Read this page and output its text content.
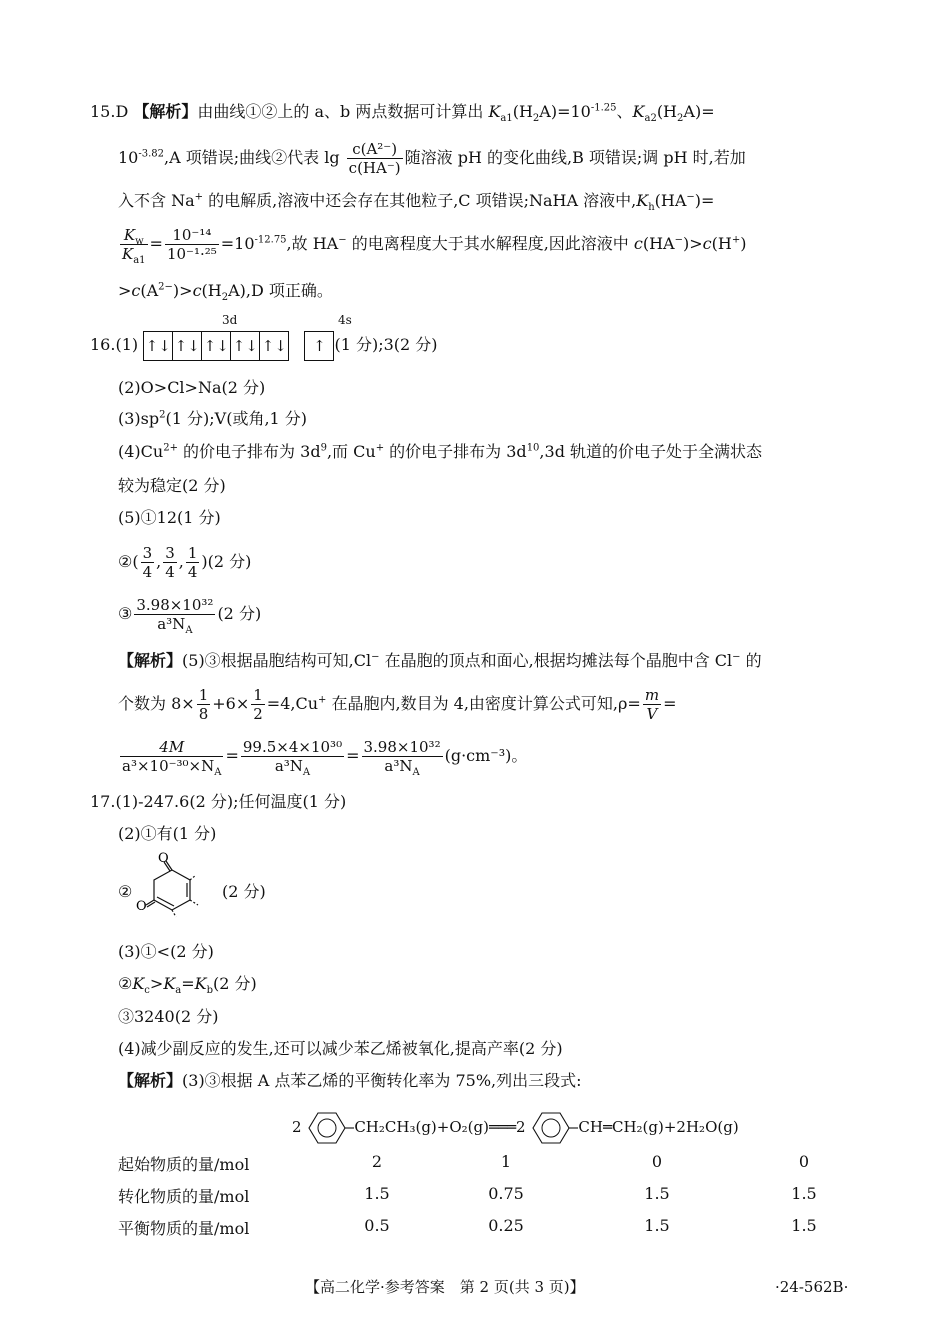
15.D 【解析】由曲线①②上的 a、b 两点数据可计算出 $K_{a1}(H_2A)=10^{-1.25}$、$K_{a2}(H_2A)=$
$10^{-3.82},A$ 项错误;曲线②代表 $\lg \frac{\text{c(A²⁻)}}{c(HA^-)}$ 随溶液 pH 的变化曲线,B 项错误;调 pH 时,若加
入不含 Na+ 的电解质,溶液中还会存在其他粒子,C 项错误;NaHA 溶液中$,K_h(HA^-)=$
$\frac{K_w}{K_{a1}} = \frac{\text{10⁻¹⁴}}{\text{10⁻¹·²⁵}} =10^{-12.75}$,故 HA− 的电离程度大于其水解程度,因此溶液中 c(HA−)>c(H+)
$>c(A^{2-})>c(H_2A),D$ 项正确。
3d	4s
16.(1) ↑↓ ↑↓ ↑↓ ↑↓ ↑↓
	↑ (1 分);3(2 分)
(2)O>Cl>Na(2 分)
$(3)sp^2(1$ 分);V(或角,1 分)
$(4)Cu^{2+}$ 的价电子排布为 $3d^9$,而 Cu+ 的价电子排布为 $3d^{10},3d$ 轨道的价电子处于全满状态
较为稳定(2 分)
(5)①12(1 分)
②( $\frac{3}{4}$ , $\frac{3}{4}$ , $\frac{1}{4} )(2$ 分)
③ $\frac{\text{3.98×10³²}}{a^3N_A} (2$ 分)
【解析】(5)③根据晶胞结构可知,Cl− 在晶胞的顶点和面心,根据均摊法每个晶胞中含 Cl− 的
个数为 $8\times \frac{1}{8} +6\times \frac{1}{2} =4,Cu^+$ 在晶胞内,数目为 4,由密度计算公式可知$,\rho= \frac{m}{V}$ =
$\frac{4M}{a^3\times 10^{-30}\times N_A} = \frac{\text{99.5×4×10³⁰}}{a^3N_A} = \frac{\text{3.98×10³²}}{a^3N_A} (g\cdot cm^{-3})$。
17.(1)-247.6(2 分);任何温度(1 分)
(2)①有(1 分)
②
O
O
(2 分)
(3)①<(2 分)
$②K_c>K_a=K_b(2$ 分)
③3240(2 分)
(4)减少副反应的发生,还可以减少苯乙烯被氧化,提高产率(2 分)
【解析】(3)③根据 A 点苯乙烯的平衡转化率为 75%,列出三段式:
2	CH₂CH₃(g)+O₂(g)═══2	CH═CH₂(g)+2H₂O(g)
起始物质的量/mol	2	1	0	0
转化物质的量/mol	1.5	0.75	1.5	1.5
平衡物质的量/mol	0.5	0.25	1.5	1.5
【高二化学·参考答案　第 2 页(共 3 页)】	·24-562B·
